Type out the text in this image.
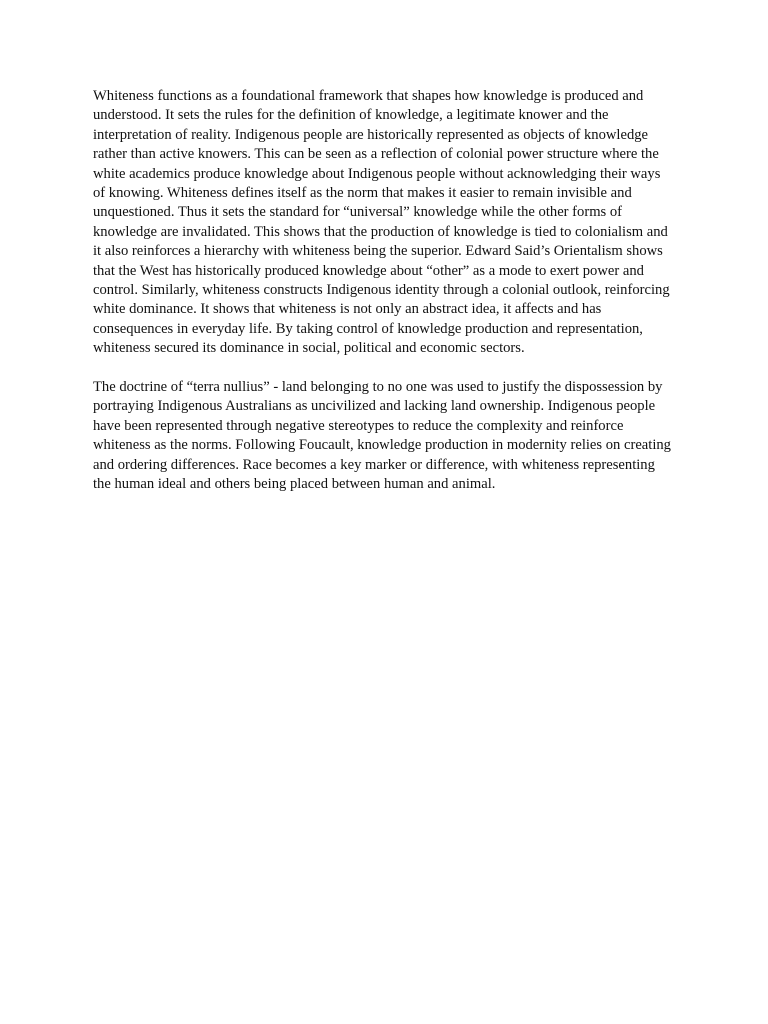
Whiteness functions as a foundational framework that shapes how knowledge is produced and understood. It sets the rules for the definition of knowledge, a legitimate knower and the interpretation of reality. Indigenous people are historically represented as objects of knowledge rather than active knowers. This can be seen as a reflection of colonial power structure where the white academics produce knowledge about Indigenous people without acknowledging their ways of knowing. Whiteness defines itself as the norm that makes it easier to remain invisible and unquestioned. Thus it sets the standard for “universal” knowledge while the other forms of knowledge are invalidated. This shows that the production of knowledge is tied to colonialism and it also reinforces a hierarchy with whiteness being the superior. Edward Said’s Orientalism shows that the West has historically produced knowledge about “other” as a mode to exert power and control. Similarly, whiteness constructs Indigenous identity through a colonial outlook, reinforcing white dominance. It shows that whiteness is not only an abstract idea, it affects and has consequences in everyday life. By taking control of knowledge production and representation, whiteness secured its dominance in social, political and economic sectors.

The doctrine of “terra nullius” - land belonging to no one was used to justify the dispossession by portraying Indigenous Australians as uncivilized and lacking land ownership. Indigenous people have been represented through negative stereotypes to reduce the complexity and reinforce whiteness as the norms. Following Foucault, knowledge production in modernity relies on creating and ordering differences. Race becomes a key marker or difference, with whiteness representing the human ideal and others being placed between human and animal.
